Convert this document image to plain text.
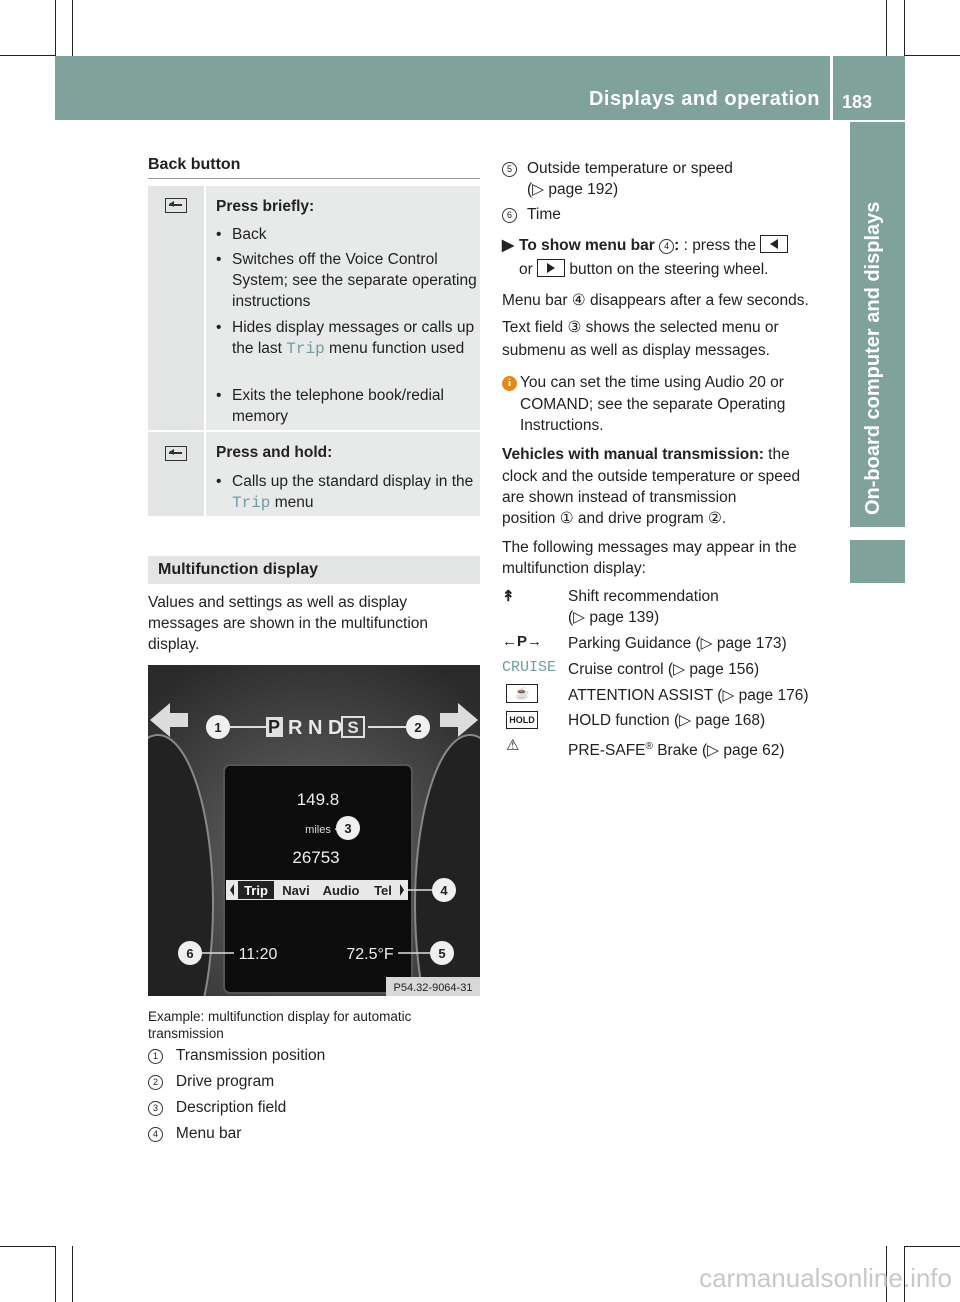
Displays and operation 183
On-board computer and displays
Back button
Press briefly:
• Back
• Switches off the Voice Control System; see the separate operating instructions
• Hides display messages or calls up the last Trip menu function used
• Exits the telephone book/redial memory
Press and hold:
• Calls up the standard display in the Trip menu
Multifunction display
Values and settings as well as display messages are shown in the multifunction display.
P R N D S
1	2
149.8
miles 3
26753
Trip Navi Audio Tel	4
6	11:20	72.5°F	5
P54.32-9064-31
Example: multifunction display for automatic transmission
1 Transmission position
2 Drive program
3 Description field
4 Menu bar
5 Outside temperature or speed
(▷ page 192)
6 Time
▶ To show menu bar 4 : : press the
or button on the steering wheel.
Menu bar ④ disappears after a few seconds.
Text field ③ shows the selected menu or
submenu as well as display messages.
i You can set the time using Audio 20 or
COMAND; see the separate Operating
Instructions.
Vehicles with manual transmission: the
clock and the outside temperature or speed
are shown instead of transmission
position ① and drive program ②.
The following messages may appear in the
multifunction display:
↟	Shift recommendation
(▷ page 139)
←P→ Parking Guidance (▷ page 173)
CRUISE Cruise control (▷ page 156)
☕	ATTENTION ASSIST (▷ page 176)
HOLD HOLD function (▷ page 168)
⚠	PRE-SAFE® Brake (▷ page 62)
carmanualsonline.info
